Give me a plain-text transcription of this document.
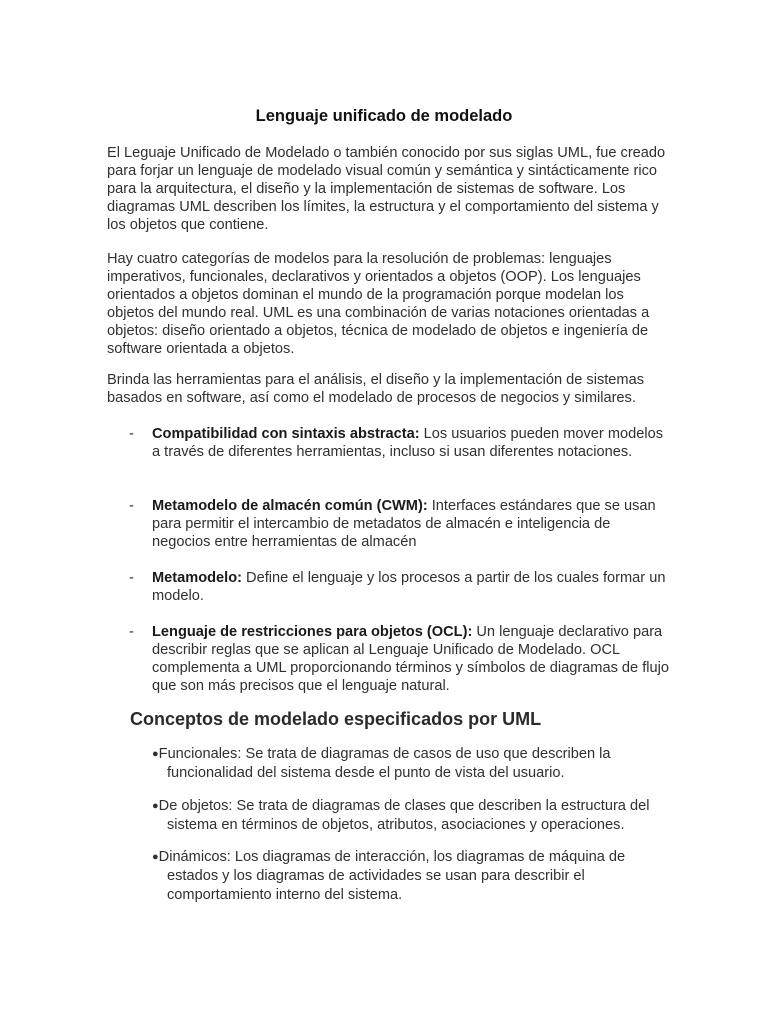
Lenguaje unificado de modelado

El Leguaje Unificado de Modelado o también conocido por sus siglas UML, fue creado para forjar un lenguaje de modelado visual común y semántica y sintácticamente rico para la arquitectura, el diseño y la implementación de sistemas de software. Los diagramas UML describen los límites, la estructura y el comportamiento del sistema y los objetos que contiene.

Hay cuatro categorías de modelos para la resolución de problemas: lenguajes imperativos, funcionales, declarativos y orientados a objetos (OOP). Los lenguajes orientados a objetos dominan el mundo de la programación porque modelan los objetos del mundo real. UML es una combinación de varias notaciones orientadas a objetos: diseño orientado a objetos, técnica de modelado de objetos e ingeniería de software orientada a objetos.

Brinda las herramientas para el análisis, el diseño y la implementación de sistemas basados en software, así como el modelado de procesos de negocios y similares.

- Compatibilidad con sintaxis abstracta: Los usuarios pueden mover modelos a través de diferentes herramientas, incluso si usan diferentes notaciones.
- Metamodelo de almacén común (CWM): Interfaces estándares que se usan para permitir el intercambio de metadatos de almacén e inteligencia de negocios entre herramientas de almacén
- Metamodelo: Define el lenguaje y los procesos a partir de los cuales formar un modelo.
- Lenguaje de restricciones para objetos (OCL): Un lenguaje declarativo para describir reglas que se aplican al Lenguaje Unificado de Modelado. OCL complementa a UML proporcionando términos y símbolos de diagramas de flujo que son más precisos que el lenguaje natural.
Conceptos de modelado especificados por UML
●Funcionales: Se trata de diagramas de casos de uso que describen la funcionalidad del sistema desde el punto de vista del usuario.
●De objetos: Se trata de diagramas de clases que describen la estructura del sistema en términos de objetos, atributos, asociaciones y operaciones.
●Dinámicos: Los diagramas de interacción, los diagramas de máquina de estados y los diagramas de actividades se usan para describir el comportamiento interno del sistema.
